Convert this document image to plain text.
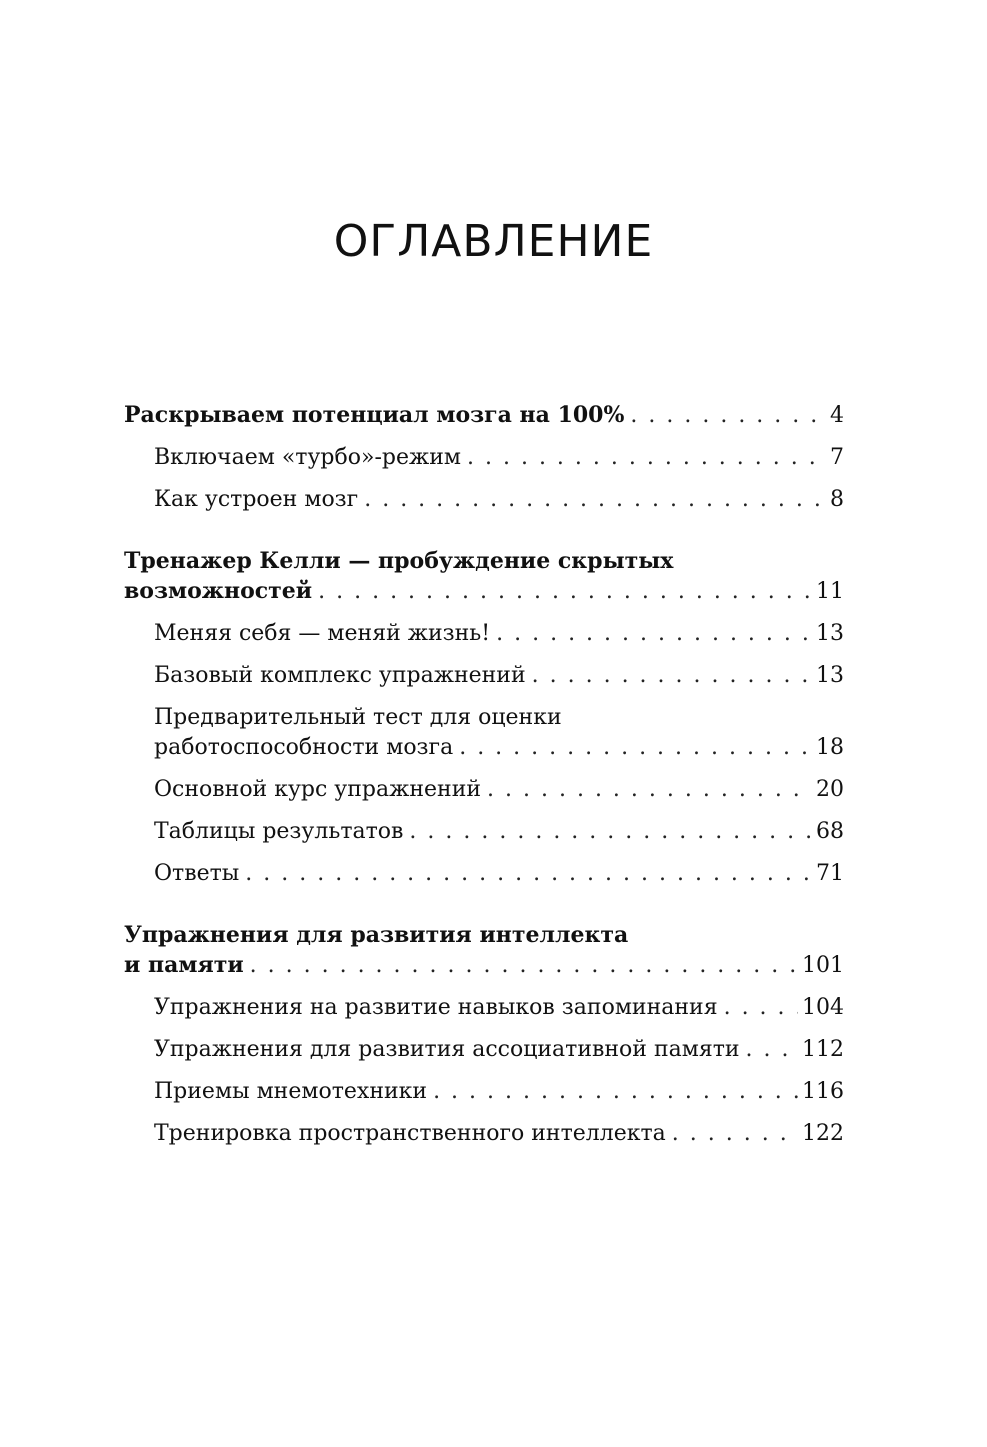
ОГЛАВЛЕНИЕ
Раскрываем потенциал мозга на 100% . . .	4
Включаем «турбо»-режим . . .	7
Как устроен мозг . . .	8
Тренажер Келли — пробуждение скрытых
возможностей . . .	11
Меняя себя — меняй жизнь! . . .	13
Базовый комплекс упражнений . . .	13
Предварительный тест для оценки
работоспособности мозга . . .	18
Основной курс упражнений . . .	20
Таблицы результатов . . .	68
Ответы . . .	71
Упражнения для развития интеллекта
и памяти . . .	101
Упражнения на развитие навыков запоминания . . .	104
Упражнения для развития ассоциативной памяти . . .	112
Приемы мнемотехники . . .	116
Тренировка пространственного интеллекта . . .	122
